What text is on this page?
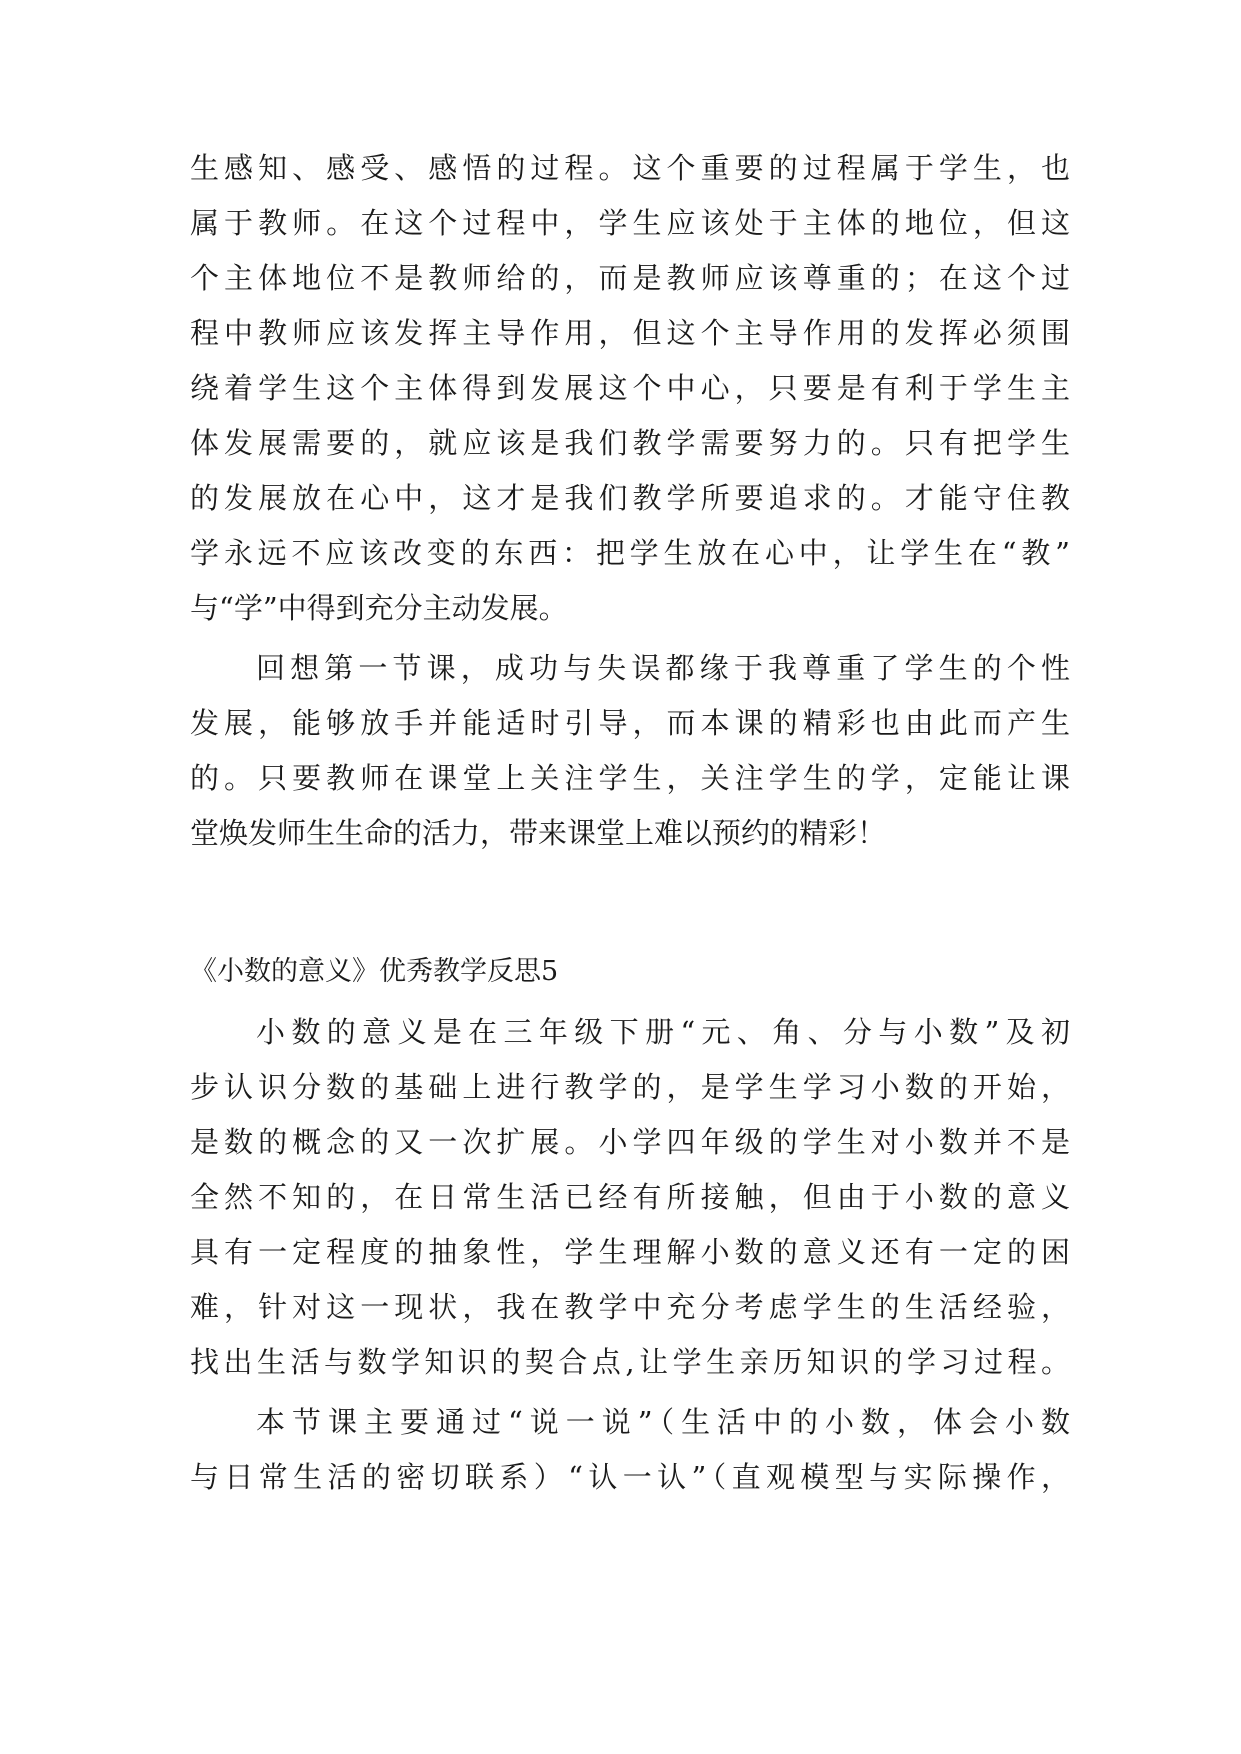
生感知、感受、感悟的过程。这个重要的过程属于学生，也
属于教师。在这个过程中，学生应该处于主体的地位，但这
个主体地位不是教师给的，而是教师应该尊重的；在这个过
程中教师应该发挥主导作用，但这个主导作用的发挥必须围
绕着学生这个主体得到发展这个中心，只要是有利于学生主
体发展需要的，就应该是我们教学需要努力的。只有把学生
的发展放在心中，这才是我们教学所要追求的。才能守住教
学永远不应该改变的东西：把学生放在心中，让学生在“教”
与“学”中得到充分主动发展。
回想第一节课，成功与失误都缘于我尊重了学生的个性
发展，能够放手并能适时引导，而本课的精彩也由此而产生
的。只要教师在课堂上关注学生，关注学生的学，定能让课
堂焕发师生生命的活力，带来课堂上难以预约的精彩！
《小数的意义》优秀教学反思5
小数的意义是在三年级下册“元、角、分与小数”及初
步认识分数的基础上进行教学的，是学生学习小数的开始，
是数的概念的又一次扩展。小学四年级的学生对小数并不是
全然不知的，在日常生活已经有所接触，但由于小数的意义
具有一定程度的抽象性，学生理解小数的意义还有一定的困
难，针对这一现状，我在教学中充分考虑学生的生活经验，
找出生活与数学知识的契合点,让学生亲历知识的学习过程。
本节课主要通过“说一说”（生活中的小数，体会小数
与日常生活的密切联系）“认一认”（直观模型与实际操作，
